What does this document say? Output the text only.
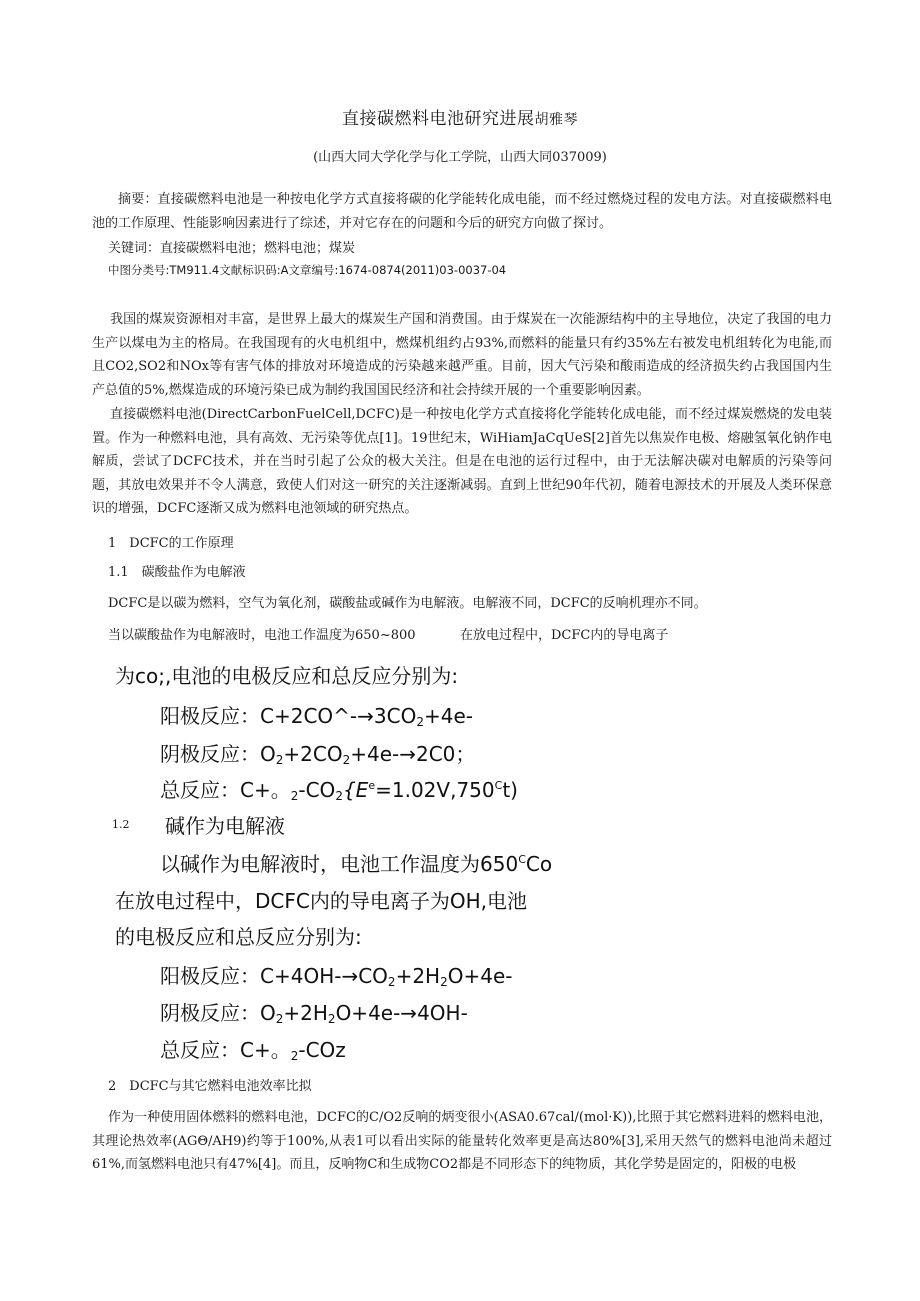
直接碳燃料电池研究进展胡雅琴
(山西大同大学化学与化工学院，山西大同037009)
摘要：直接碳燃料电池是一种按电化学方式直接将碳的化学能转化成电能，而不经过燃烧过程的发电方法。对直接碳燃料电池的工作原理、性能影响因素进行了综述，并对它存在的问题和今后的研究方向做了探讨。
关键词：直接碳燃料电池；燃料电池；煤炭
中图分类号:TM911.4文献标识码:A文章编号:1674-0874(2011)03-0037-04
我国的煤炭资源相对丰富，是世界上最大的煤炭生产国和消费国。由于煤炭在一次能源结构中的主导地位，决定了我国的电力生产以煤电为主的格局。在我国现有的火电机组中，燃煤机组约占93%,而燃料的能量只有约35%左右被发电机组转化为电能,而且CO2,SO2和NOx等有害气体的排放对环境造成的污染越来越严重。目前，因大气污染和酸雨造成的经济损失约占我国国内生产总值的5%,燃煤造成的环境污染已成为制约我国国民经济和社会持续开展的一个重要影响因素。
直接碳燃料电池(DirectCarbonFuelCell,DCFC)是一种按电化学方式直接将化学能转化成电能，而不经过煤炭燃烧的发电装置。作为一种燃料电池，具有高效、无污染等优点[1]。19世纪末，WiHiamJaCqUeS[2]首先以焦炭作电极、熔融氢氧化钠作电解质，尝试了DCFC技术，并在当时引起了公众的极大关注。但是在电池的运行过程中，由于无法解决碳对电解质的污染等问题，其放电效果并不令人满意，致使人们对这一研究的关注逐渐减弱。直到上世纪90年代初，随着电源技术的开展及人类环保意识的增强，DCFC逐渐又成为燃料电池领域的研究热点。
1　DCFC的工作原理
1.1　碳酸盐作为电解液
DCFC是以碳为燃料，空气为氧化剂，碳酸盐或碱作为电解液。电解液不同，DCFC的反响机理亦不同。
当以碳酸盐作为电解液时，电池工作温度为650~800	在放电过程中，DCFC内的导电离子
为co;,电池的电极反应和总反应分别为:
阳极反应：$C+2CO\^{}-\to 3CO_2+4e-$
阴极反应：$O_2+2CO_2+4e-\to 2C0$；
总反应：C+。$_2-CO_2\{E^e=1.02V,750^Ct)$
1.2 碱作为电解液
以碱作为电解液时，电池工作温度为$650^CCo$
在放电过程中，DCFC内的导电离子为OH,电池
的电极反应和总反应分别为:
阳极反应：$C+4OH-\to CO_2+2H_2O+4e-$
阴极反应：$O_2+2H_2O+4e-\to 4OH-$
总反应：C+。$_2$-COz
2　DCFC与其它燃料电池效率比拟
作为一种使用固体燃料的燃料电池，DCFC的C/O2反响的炳变很小(ASA0.67cal/(mol·K)),比照于其它燃料进料的燃料电池，其理论热效率(AGΘ/AH9)约等于100%,从表1可以看出实际的能量转化效率更是高达80%[3],采用天然气的燃料电池尚未超过61%,而氢燃料电池只有47%[4]。而且，反响物C和生成物CO2都是不同形态下的纯物质，其化学势是固定的，阳极的电极
